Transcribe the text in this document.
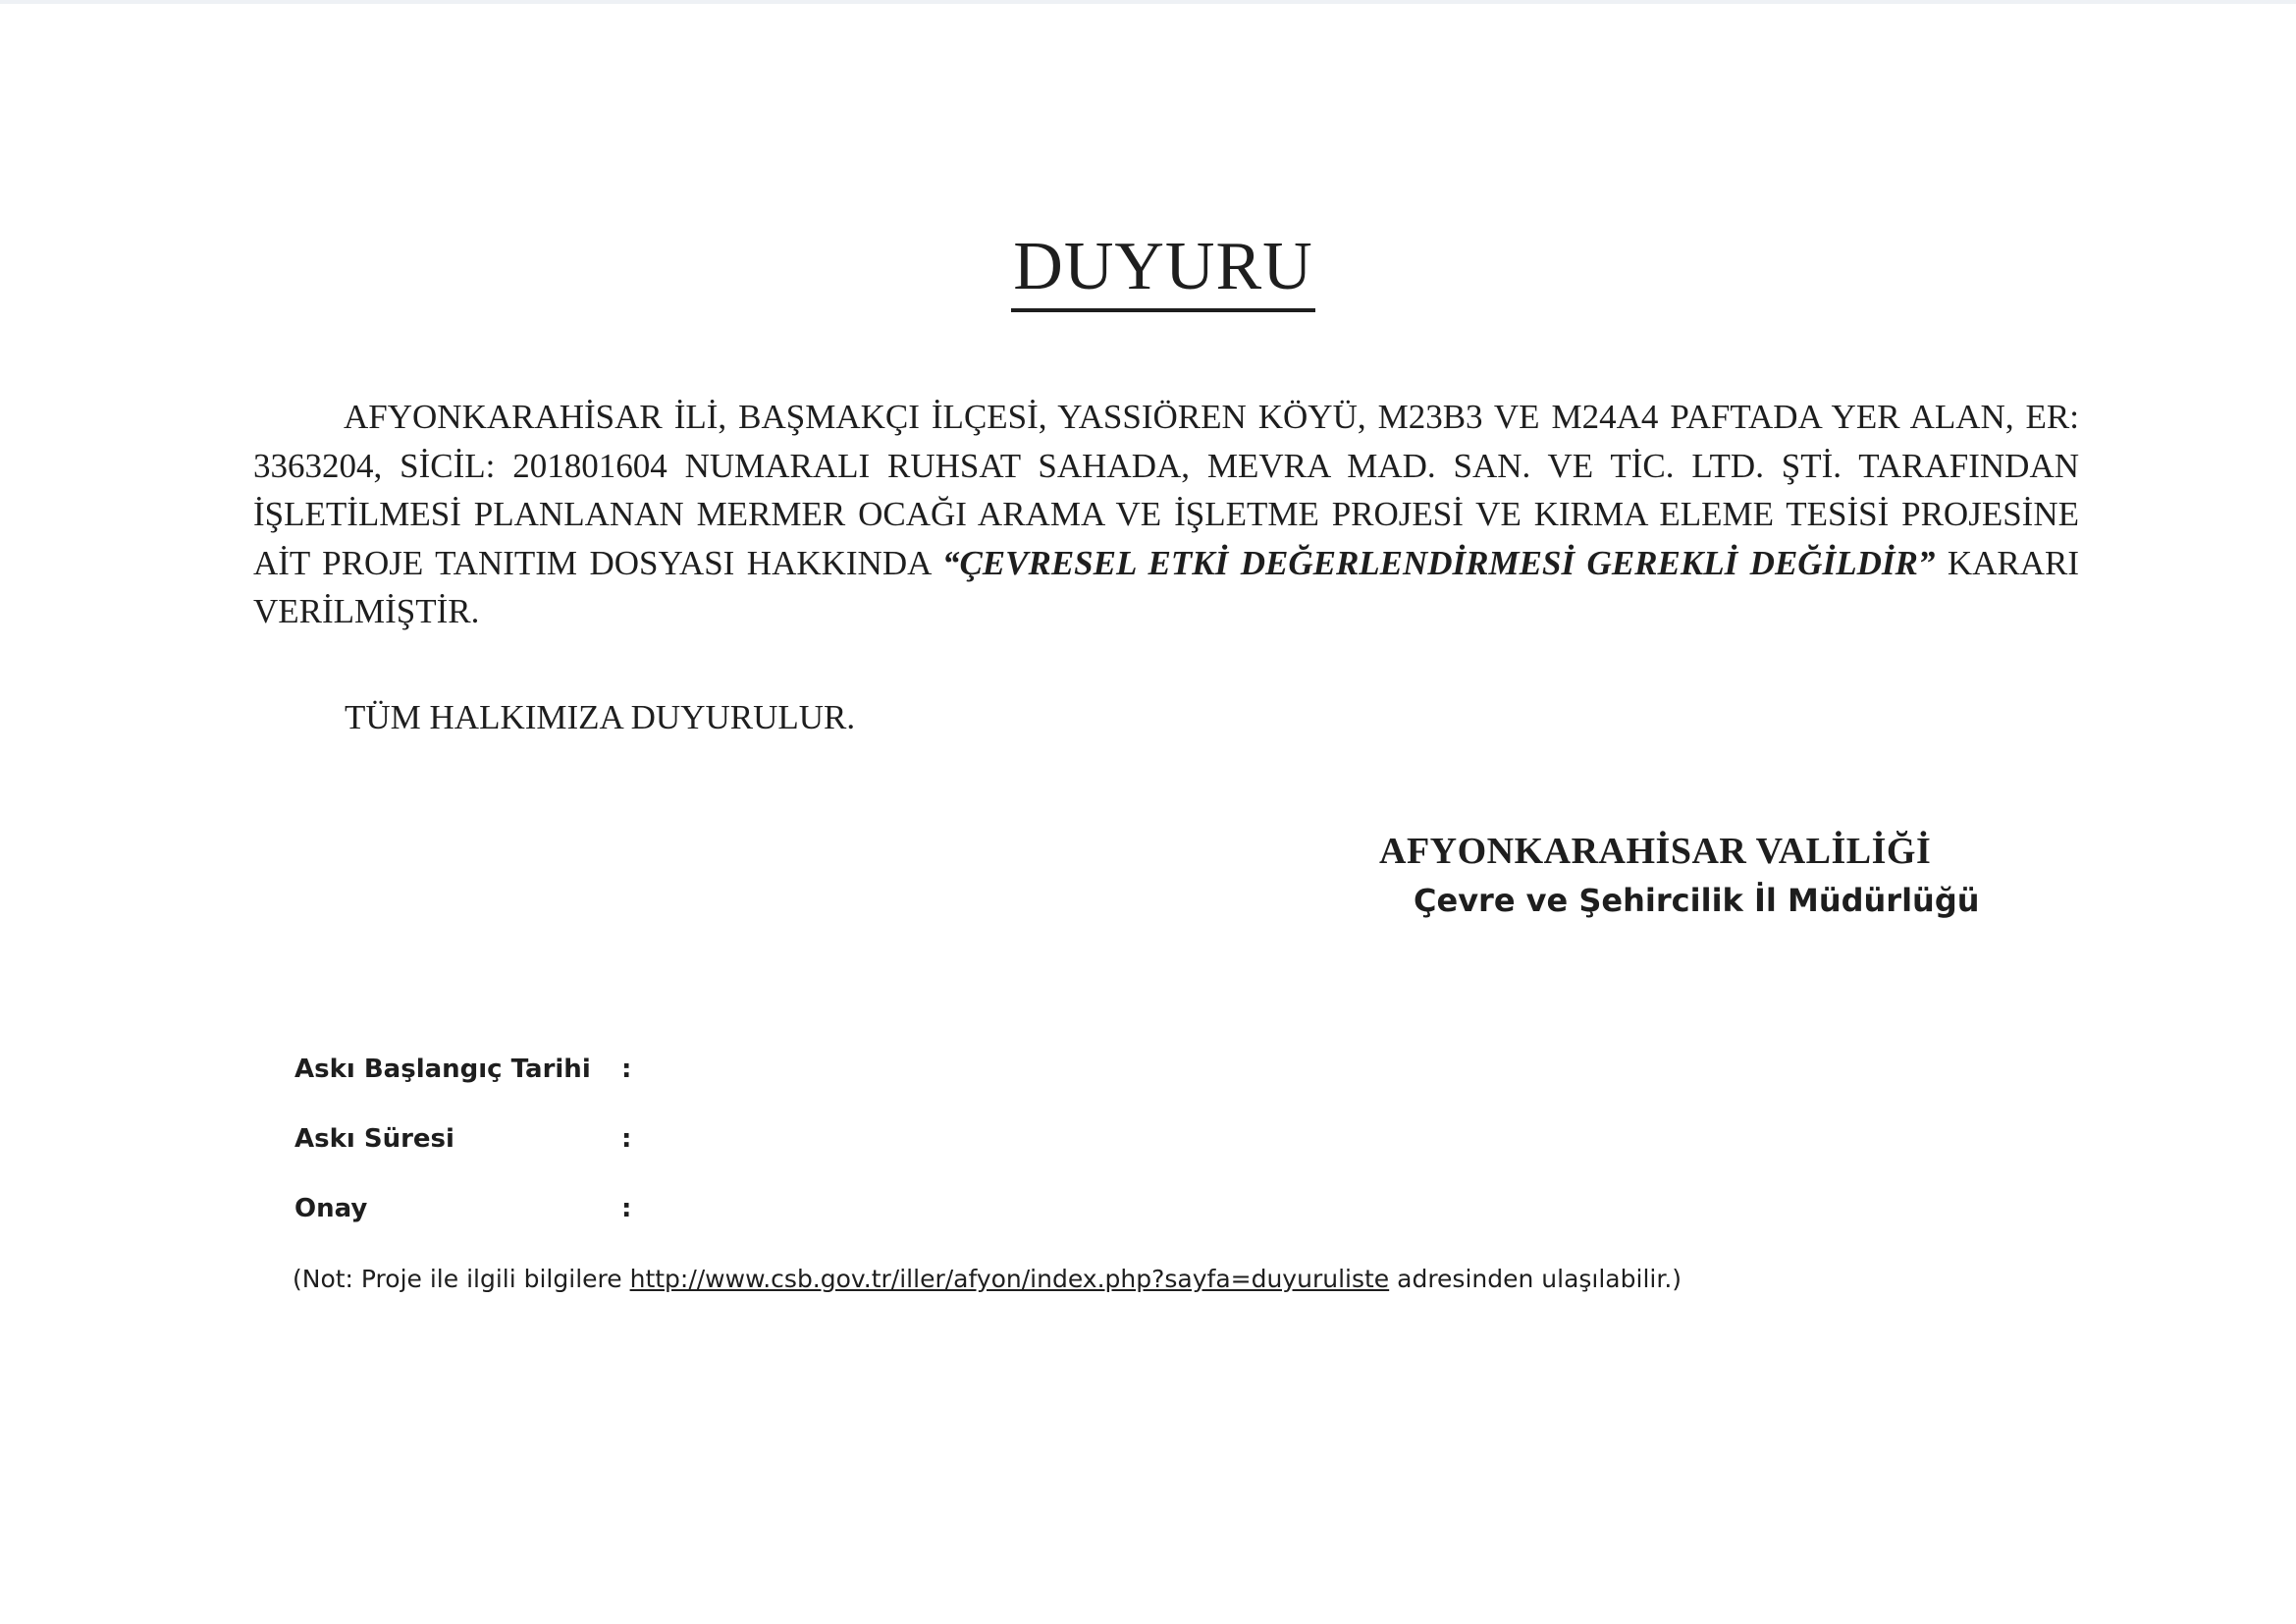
DUYURU

AFYONKARAHİSAR İLİ, BAŞMAKÇI İLÇESİ, YASSIÖREN KÖYÜ, M23B3 VE M24A4 PAFTADA YER ALAN, ER: 3363204, SİCİL: 201801604 NUMARALI RUHSAT SAHADA, MEVRA MAD. SAN. VE TİC. LTD. ŞTİ. TARAFINDAN İŞLETİLMESİ PLANLANAN MERMER OCAĞI ARAMA VE İŞLETME PROJESİ VE KIRMA ELEME TESİSİ PROJESİNE AİT PROJE TANITIM DOSYASI HAKKINDA “ÇEVRESEL ETKİ DEĞERLENDİRMESİ GEREKLİ DEĞİLDİR” KARARI VERİLMİŞTİR.

TÜM HALKIMIZA DUYURULUR.

AFYONKARAHİSAR VALİLİĞİ
Çevre ve Şehircilik İl Müdürlüğü
Askı Başlangıç Tarihi :
Askı Süresi	:
Onay	:
(Not: Proje ile ilgili bilgilere http://www.csb.gov.tr/iller/afyon/index.php?sayfa=duyuruliste adresinden ulaşılabilir.)
